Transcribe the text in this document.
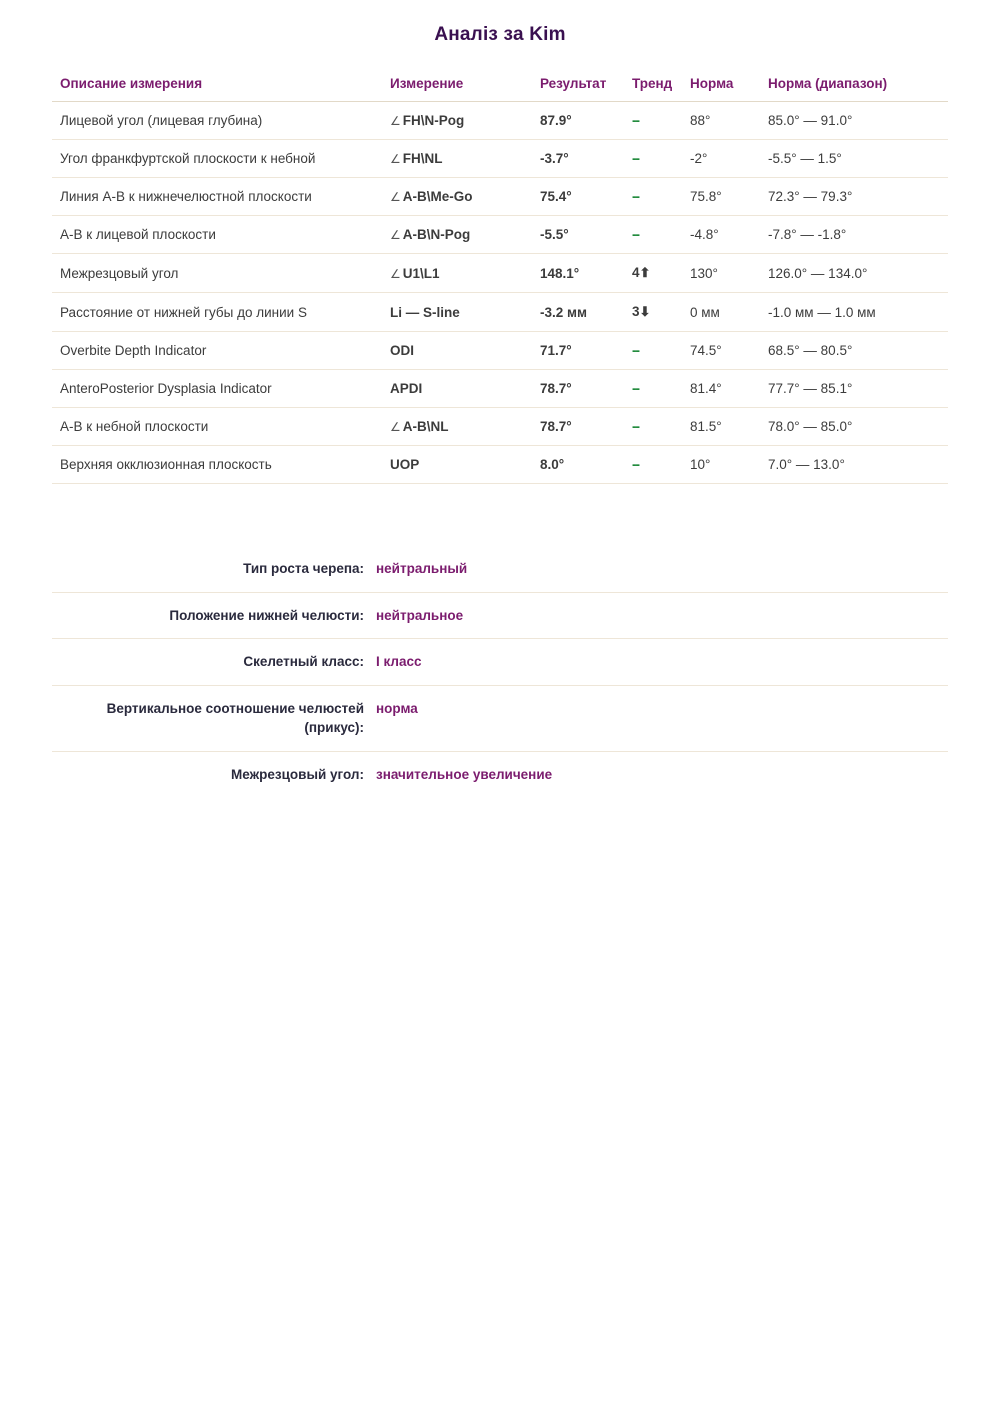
Аналіз за Kim
Описание измерения	Измерение	Результат	Тренд	Норма	Норма (диапазон)
Лицевой угол (лицевая глубина)	∠ FH\N-Pog	87.9°	--	88°	85.0° — 91.0°
Угол франкфуртской плоскости к небной	∠ FH\NL	-3.7°	--	-2°	-5.5° — 1.5°
Линия A-B к нижнечелюстной плоскости	∠ A-B\Me-Go	75.4°	--	75.8°	72.3° — 79.3°
A-B к лицевой плоскости	∠ A-B\N-Pog	-5.5°	--	-4.8°	-7.8° — -1.8°
Межрезцовый угол	∠ U1\L1	148.1°	4⬆	130°	126.0° — 134.0°
Расстояние от нижней губы до линии S	Li — S-line	-3.2 мм	3⬇	0 мм	-1.0 мм — 1.0 мм
Overbite Depth Indicator	ODI	71.7°	--	74.5°	68.5° — 80.5°
AnteroPosterior Dysplasia Indicator	APDI	78.7°	--	81.4°	77.7° — 85.1°
A-B к небной плоскости	∠ A-B\NL	78.7°	--	81.5°	78.0° — 85.0°
Верхняя окклюзионная плоскость	UOP	8.0°	--	10°	7.0° — 13.0°
Тип роста черепа: нейтральный
Положение нижней челюсти: нейтральное
Скелетный класс: I класс
Вертикальное соотношение челюстей (прикус):
норма
Межрезцовый угол: значительное увеличение
